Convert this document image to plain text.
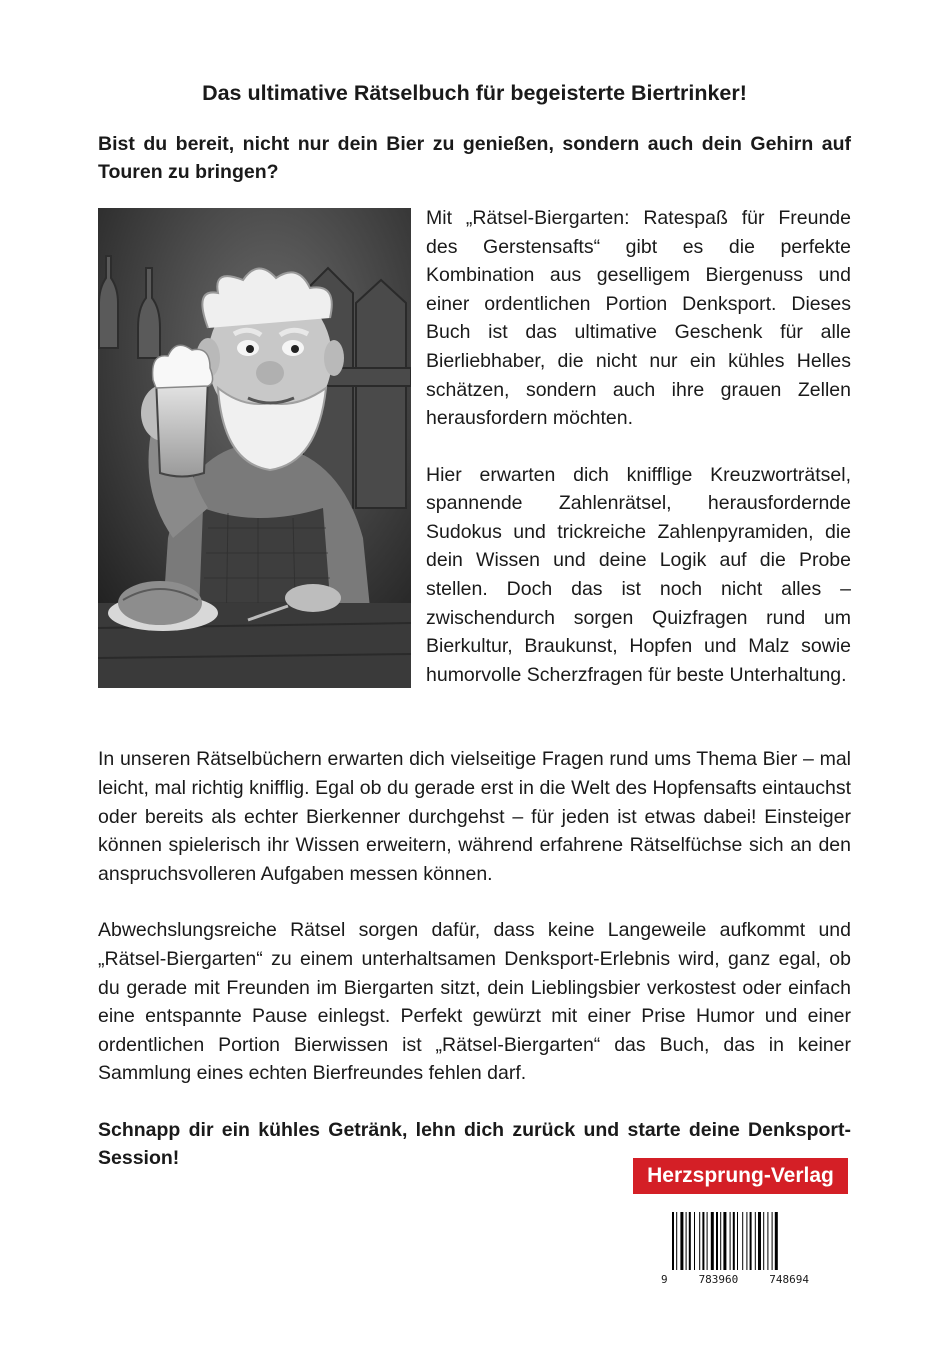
Das ultimative Rätselbuch für begeisterte Biertrinker!
Bist du bereit, nicht nur dein Bier zu genießen, sondern auch dein Gehirn auf Touren zu bringen?

Mit „Rätsel-Biergarten: Ratespaß für Freunde des Gerstensafts“ gibt es die perfekte Kombination aus geselligem Biergenuss und einer ordentlichen Portion Denksport. Dieses Buch ist das ultimative Geschenk für alle Bierliebhaber, die nicht nur ein kühles Helles schätzen, sondern auch ihre grauen Zellen herausfordern möchten.

Hier erwarten dich knifflige Kreuzworträtsel, spannende Zahlenrätsel, herausfordernde Sudokus und trickreiche Zahlenpyramiden, die dein Wissen und deine Logik auf die Probe stellen. Doch das ist noch nicht alles – zwischendurch sorgen Quizfragen rund um Bierkultur, Braukunst, Hopfen und Malz sowie humorvolle Scherzfragen für beste Unterhaltung.

In unseren Rätselbüchern erwarten dich vielseitige Fragen rund ums Thema Bier – mal leicht, mal richtig knifflig. Egal ob du gerade erst in die Welt des Hopfensafts eintauchst oder bereits als echter Bierkenner durchgehst – für jeden ist etwas dabei! Einsteiger können spielerisch ihr Wissen erweitern, während erfahrene Rätselfüchse sich an den anspruchsvolleren Aufgaben messen können.

Abwechslungsreiche Rätsel sorgen dafür, dass keine Langeweile aufkommt und „Rätsel-Biergarten“ zu einem unterhaltsamen Denksport-Erlebnis wird, ganz egal, ob du gerade mit Freunden im Biergarten sitzt, dein Lieblingsbier verkostest oder einfach eine entspannte Pause einlegst. Perfekt gewürzt mit einer Prise Humor und einer ordentlichen Portion Bierwissen ist „Rätsel-Biergarten“ das Buch, das in keiner Sammlung eines echten Bierfreundes fehlen darf.

Schnapp dir ein kühles Getränk, lehn dich zurück und starte deine Denksport-Session!
Herzsprung-Verlag
9	783960	748694
